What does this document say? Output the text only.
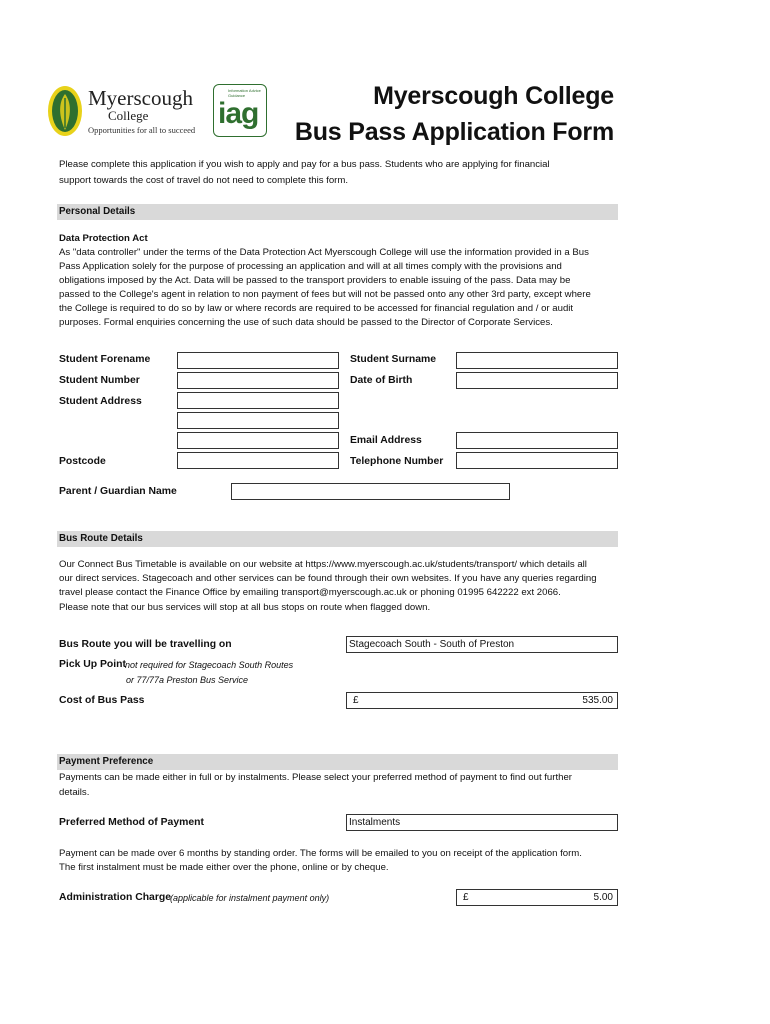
Myerscough
College
Opportunities for all to succeed
Information Advice Guidance
iag
Myerscough College
Bus Pass Application Form
Please complete this application if you wish to apply and pay for a bus pass. Students who are applying for financial
support towards the cost of travel do not need to complete this form.
Personal Details
Data Protection Act
As "data controller" under the terms of the Data Protection Act Myerscough College will use the information provided in a Bus
Pass Application solely for the purpose of processing an application and will at all times comply with the provisions and
obligations imposed by the Act. Data will be passed to the transport providers to enable issuing of the pass. Data may be
passed to the College's agent in relation to non payment of fees but will not be passed onto any other 3rd party, except where
the College is required to do so by law or where records are required to be accessed for financial regulation and / or audit
purposes. Formal enquiries concerning the use of such data should be passed to the Director of Corporate Services.
Student Forename	Student Surname
Student Number	Date of Birth
Student Address
Email Address
Postcode	Telephone Number
Parent / Guardian Name
Bus Route Details
Our Connect Bus Timetable is available on our website at https://www.myerscough.ac.uk/students/transport/ which details all
our direct services. Stagecoach and other services can be found through their own websites. If you have any queries regarding
travel please contact the Finance Office by emailing transport@myerscough.ac.uk or phoning 01995 642222 ext 2066.
Please note that our bus services will stop at all bus stops on route when flagged down.
Bus Route you will be travelling on	Stagecoach South - South of Preston
Pick Up Point not required for Stagecoach South Routes
or 77/77a Preston Bus Service
Cost of Bus Pass	£	535.00
Payment Preference
Payments can be made either in full or by instalments. Please select your preferred method of payment to find out further
details.
Preferred Method of Payment	Instalments
Payment can be made over 6 months by standing order. The forms will be emailed to you on receipt of the application form.
The first instalment must be made either over the phone, online or by cheque.
Administration Charge (applicable for instalment payment only)	£	5.00
